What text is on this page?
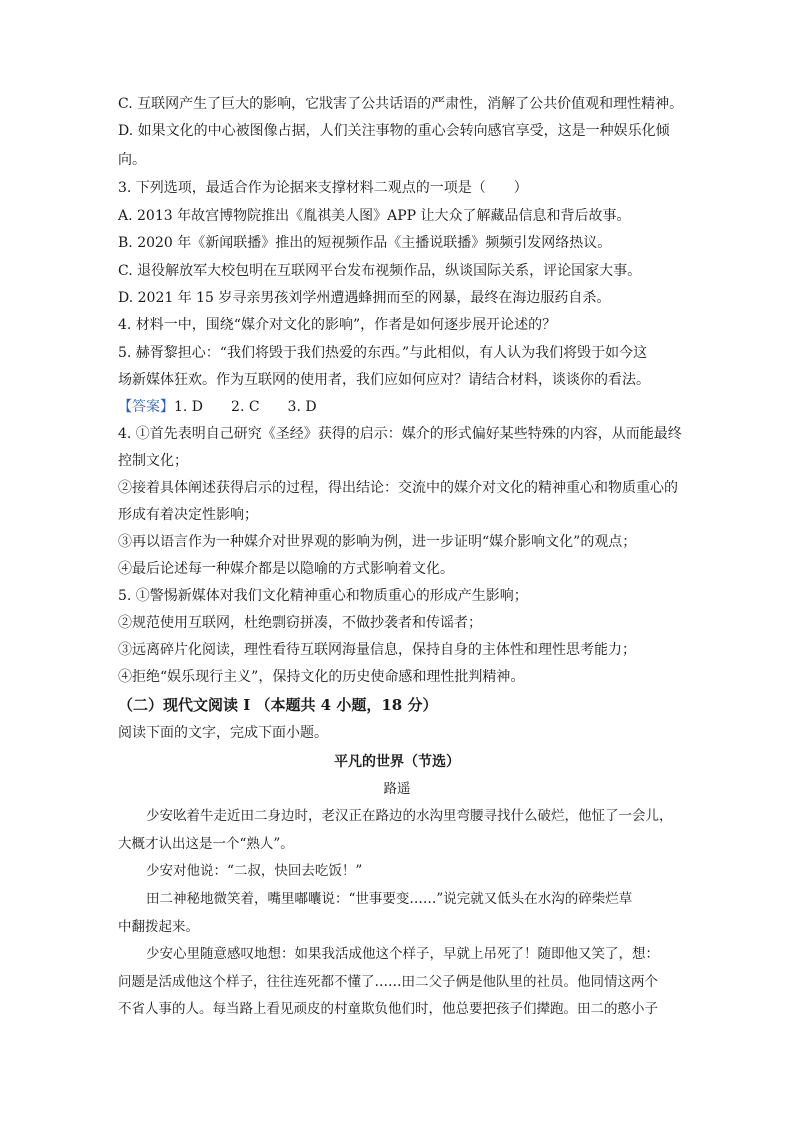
C. 互联网产生了巨大的影响，它戕害了公共话语的严肃性，消解了公共价值观和理性精神。
D. 如果文化的中心被图像占据，人们关注事物的重心会转向感官享受，这是一种娱乐化倾
向。
3. 下列选项，最适合作为论据来支撑材料二观点的一项是（　　）
A. 2013 年故宫博物院推出《胤祺美人图》APP 让大众了解藏品信息和背后故事。
B. 2020 年《新闻联播》推出的短视频作品《主播说联播》频频引发网络热议。
C. 退役解放军大校包明在互联网平台发布视频作品，纵谈国际关系，评论国家大事。
D. 2021 年 15 岁寻亲男孩刘学州遭遇蜂拥而至的网暴，最终在海边服药自杀。
4. 材料一中，围绕“媒介对文化的影响”，作者是如何逐步展开论述的？
5. 赫胥黎担心：“我们将毁于我们热爱的东西。”与此相似，有人认为我们将毁于如今这
场新媒体狂欢。作为互联网的使用者，我们应如何应对？请结合材料，谈谈你的看法。
【答案】1. D　　2. C　　3. D
4. ①首先表明自己研究《圣经》获得的启示：媒介的形式偏好某些特殊的内容，从而能最终
控制文化；
②接着具体阐述获得启示的过程，得出结论：交流中的媒介对文化的精神重心和物质重心的
形成有着决定性影响；
③再以语言作为一种媒介对世界观的影响为例，进一步证明“媒介影响文化”的观点；
④最后论述每一种媒介都是以隐喻的方式影响着文化。
5. ①警惕新媒体对我们文化精神重心和物质重心的形成产生影响；
②规范使用互联网，杜绝剽窃拼凑，不做抄袭者和传谣者；
③远离碎片化阅读，理性看待互联网海量信息，保持自身的主体性和理性思考能力；
④拒绝“娱乐现行主义”，保持文化的历史使命感和理性批判精神。
（二）现代文阅读 I （本题共 4 小题，18 分）
阅读下面的文字，完成下面小题。
平凡的世界（节选）
路遥
少安吆着牛走近田二身边时，老汉正在路边的水沟里弯腰寻找什么破烂，他怔了一会儿，
大概才认出这是一个“熟人”。
少安对他说：“二叔，快回去吃饭！”
田二神秘地微笑着，嘴里嘟囔说：“世事要变……”说完就又低头在水沟的碎柴烂草
中翻拨起来。
少安心里随意感叹地想：如果我活成他这个样子，早就上吊死了！随即他又笑了，想：
问题是活成他这个样子，往往连死都不懂了……田二父子俩是他队里的社员。他同情这两个
不省人事的人。每当路上看见顽皮的村童欺负他们时，他总要把孩子们撵跑。田二的憨小子
